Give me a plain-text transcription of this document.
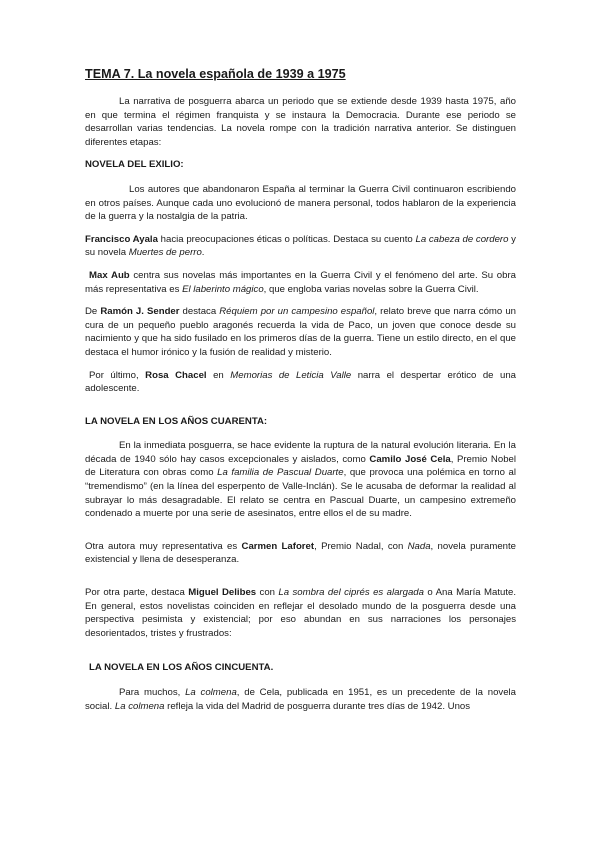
TEMA 7. La novela española de 1939 a 1975

La narrativa de posguerra abarca un periodo que se extiende desde 1939 hasta 1975, año en que termina el régimen franquista y se instaura la Democracia. Durante ese periodo se desarrollan varias tendencias. La novela rompe con la tradición narrativa anterior. Se distinguen diferentes etapas:

NOVELA DEL EXILIO:

Los autores que abandonaron España al terminar la Guerra Civil continuaron escribiendo en otros países. Aunque cada uno evolucionó de manera personal, todos hablaron de la experiencia de la guerra y la nostalgia de la patria.

Francisco Ayala hacia preocupaciones éticas o políticas. Destaca su cuento La cabeza de cordero y su novela Muertes de perro.

Max Aub centra sus novelas más importantes en la Guerra Civil y el fenómeno del arte. Su obra más representativa es El laberinto mágico, que engloba varias novelas sobre la Guerra Civil.

De Ramón J. Sender destaca Réquiem por un campesino español, relato breve que narra cómo un cura de un pequeño pueblo aragonés recuerda la vida de Paco, un joven que conoce desde su nacimiento y que ha sido fusilado en los primeros días de la guerra. Tiene un estilo directo, en el que destaca el humor irónico y la fusión de realidad y misterio.

Por último, Rosa Chacel en Memorias de Leticia Valle narra el despertar erótico de una adolescente.

LA NOVELA EN LOS AÑOS CUARENTA:

En la inmediata posguerra, se hace evidente la ruptura de la natural evolución literaria. En la década de 1940 sólo hay casos excepcionales y aislados, como Camilo José Cela, Premio Nobel de Literatura con obras como La familia de Pascual Duarte, que provoca una polémica en torno al “tremendismo” (en la línea del esperpento de Valle-Inclán). Se le acusaba de deformar la realidad al subrayar lo más desagradable. El relato se centra en Pascual Duarte, un campesino extremeño condenado a muerte por una serie de asesinatos, entre ellos el de su madre.

Otra autora muy representativa es Carmen Laforet, Premio Nadal, con Nada, novela puramente existencial y llena de desesperanza.

Por otra parte, destaca Miguel Delibes con La sombra del ciprés es alargada o Ana María Matute. En general, estos novelistas coinciden en reflejar el desolado mundo de la posguerra desde una perspectiva pesimista y existencial; por eso abundan en sus narraciones los personajes desorientados, tristes y frustrados:

LA NOVELA EN LOS AÑOS CINCUENTA.

Para muchos, La colmena, de Cela, publicada en 1951, es un precedente de la novela social. La colmena refleja la vida del Madrid de posguerra durante tres días de 1942. Unos
